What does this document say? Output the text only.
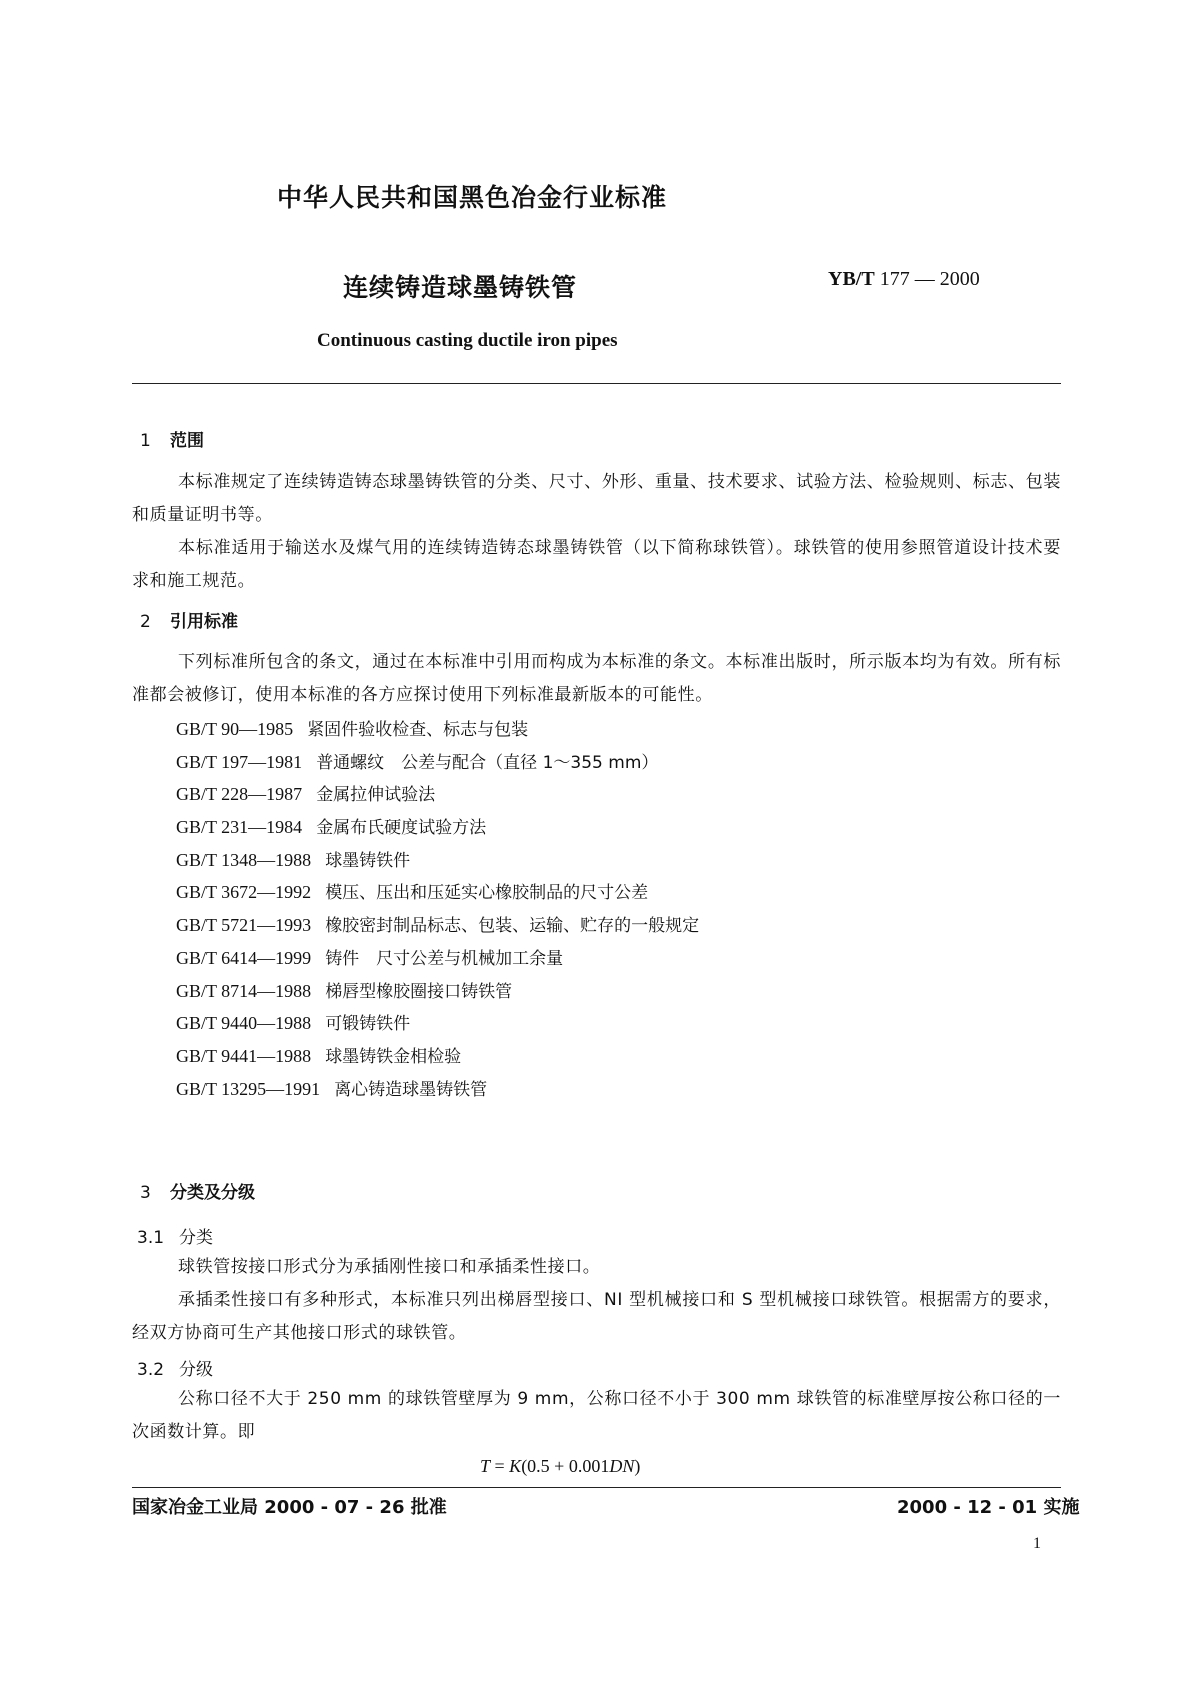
中华人民共和国黑色冶金行业标准
连续铸造球墨铸铁管	YB/T 177 — 2000
Continuous casting ductile iron pipes
1 范围

本标准规定了连续铸造铸态球墨铸铁管的分类、尺寸、外形、重量、技术要求、试验方法、检验规则、标志、包装和质量证明书等。

本标准适用于输送水及煤气用的连续铸造铸态球墨铸铁管（以下简称球铁管）。球铁管的使用参照管道设计技术要求和施工规范。

2 引用标准

下列标准所包含的条文，通过在本标准中引用而构成为本标准的条文。本标准出版时，所示版本均为有效。所有标准都会被修订，使用本标准的各方应探讨使用下列标准最新版本的可能性。

GB/T 90—1985 紧固件验收检查、标志与包装
GB/T 197—1981 普通螺纹　公差与配合（直径 1～355 mm）
GB/T 228—1987 金属拉伸试验法
GB/T 231—1984 金属布氏硬度试验方法
GB/T 1348—1988 球墨铸铁件
GB/T 3672—1992 模压、压出和压延实心橡胶制品的尺寸公差
GB/T 5721—1993 橡胶密封制品标志、包装、运输、贮存的一般规定
GB/T 6414—1999 铸件　尺寸公差与机械加工余量
GB/T 8714—1988 梯唇型橡胶圈接口铸铁管
GB/T 9440—1988 可锻铸铁件
GB/T 9441—1988 球墨铸铁金相检验
GB/T 13295—1991 离心铸造球墨铸铁管
3 分类及分级
3.1 分类

球铁管按接口形式分为承插刚性接口和承插柔性接口。

承插柔性接口有多种形式，本标准只列出梯唇型接口、NI 型机械接口和 S 型机械接口球铁管。根据需方的要求，经双方协商可生产其他接口形式的球铁管。

3.2 分级

公称口径不大于 250 mm 的球铁管壁厚为 9 mm，公称口径不小于 300 mm 球铁管的标准壁厚按公称口径的一次函数计算。即

T = K(0.5 + 0.001DN)
国家冶金工业局 2000 - 07 - 26 批准	2000 - 12 - 01 实施
1
